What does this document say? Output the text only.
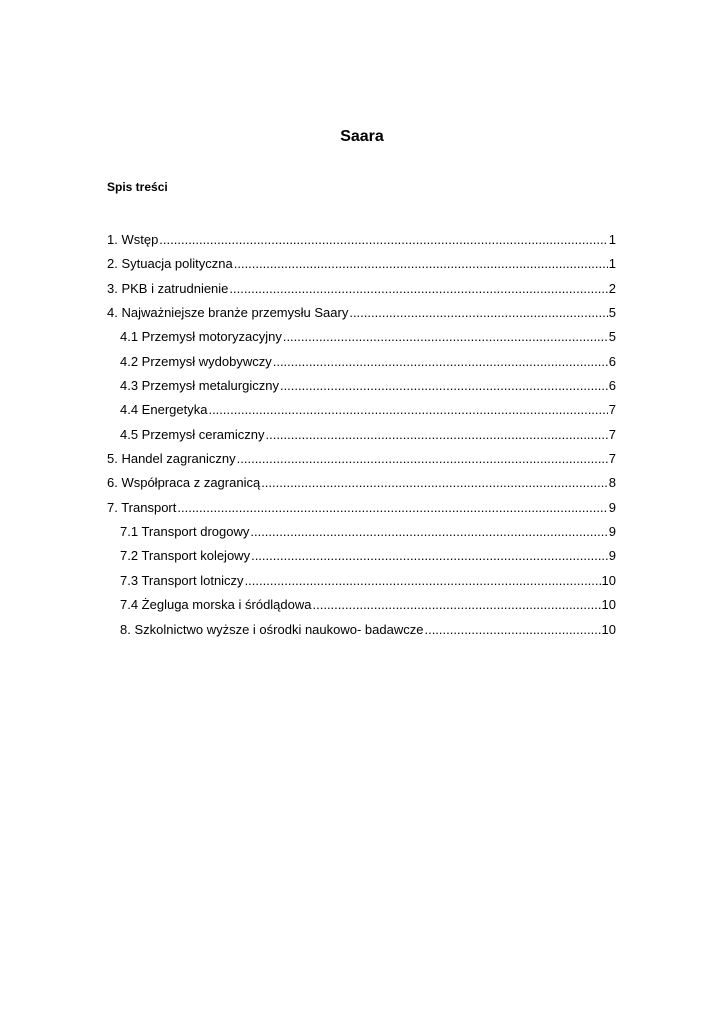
Saara
Spis treści
1. Wstęp .....	1
2. Sytuacja polityczna .....	1
3. PKB i zatrudnienie .....	2
4. Najważniejsze branże przemysłu Saary .....	5
4.1 Przemysł motoryzacyjny .....	5
4.2 Przemysł wydobywczy .....	6
4.3 Przemysł metalurgiczny .....	6
4.4 Energetyka .....	7
4.5 Przemysł ceramiczny .....	7
5. Handel zagraniczny .....	7
6. Współpraca z zagranicą .....	8
7. Transport .....	9
7.1 Transport drogowy .....	9
7.2 Transport kolejowy .....	9
7.3 Transport lotniczy .....	10
7.4 Żegluga morska i śródlądowa .....	10
8. Szkolnictwo wyższe i ośrodki naukowo- badawcze .....	10
